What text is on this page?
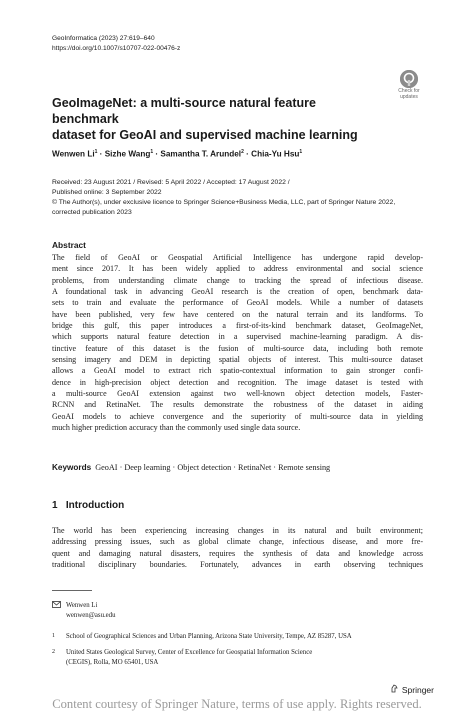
GeoInformatica (2023) 27:619–640
https://doi.org/10.1007/s10707-022-00476-z
Check for
updates
GeoImageNet: a multi-source natural feature benchmark
dataset for GeoAI and supervised machine learning
Wenwen $Li^1$ · Sizhe Wang$^1$ · Samantha T. Arundel$^2$ · Chia-Yu Hsu$^1$
Received: 23 August 2021 / Revised: 5 April 2022 / Accepted: 17 August 2022 /
Published online: 3 September 2022
© The Author(s), under exclusive licence to Springer Science+Business Media, LLC, part of Springer Nature 2022,
corrected publication 2023
Abstract
The field of GeoAI or Geospatial Artificial Intelligence has undergone rapid develop-
ment since 2017. It has been widely applied to address environmental and social science
problems, from understanding climate change to tracking the spread of infectious disease.
A foundational task in advancing GeoAI research is the creation of open, benchmark data-
sets to train and evaluate the performance of GeoAI models. While a number of datasets
have been published, very few have centered on the natural terrain and its landforms. To
bridge this gulf, this paper introduces a first-of-its-kind benchmark dataset, GeoImageNet,
which supports natural feature detection in a supervised machine-learning paradigm. A dis-
tinctive feature of this dataset is the fusion of multi-source data, including both remote
sensing imagery and DEM in depicting spatial objects of interest. This multi-source dataset
allows a GeoAI model to extract rich spatio-contextual information to gain stronger confi-
dence in high-precision object detection and recognition. The image dataset is tested with
a multi-source GeoAI extension against two well-known object detection models, Faster-
RCNN and RetinaNet. The results demonstrate the robustness of the dataset in aiding
GeoAI models to achieve convergence and the superiority of multi-source data in yielding
much higher prediction accuracy than the commonly used single data source.
Keywords GeoAI · Deep learning · Object detection · RetinaNet · Remote sensing
1 Introduction
The world has been experiencing increasing changes in its natural and built environment;
addressing pressing issues, such as global climate change, infectious disease, and more fre-
quent and damaging natural disasters, requires the synthesis of data and knowledge across
traditional disciplinary boundaries. Fortunately, advances in earth observing techniques
Wenwen Li
wenwen@asu.edu
1 School of Geographical Sciences and Urban Planning, Arizona State University, Tempe, AZ 85287, USA
2 United States Geological Survey, Center of Excellence for Geospatial Information Science
(CEGIS), Rolla, MO 65401, USA
Springer
Content courtesy of Springer Nature, terms of use apply. Rights reserved.
